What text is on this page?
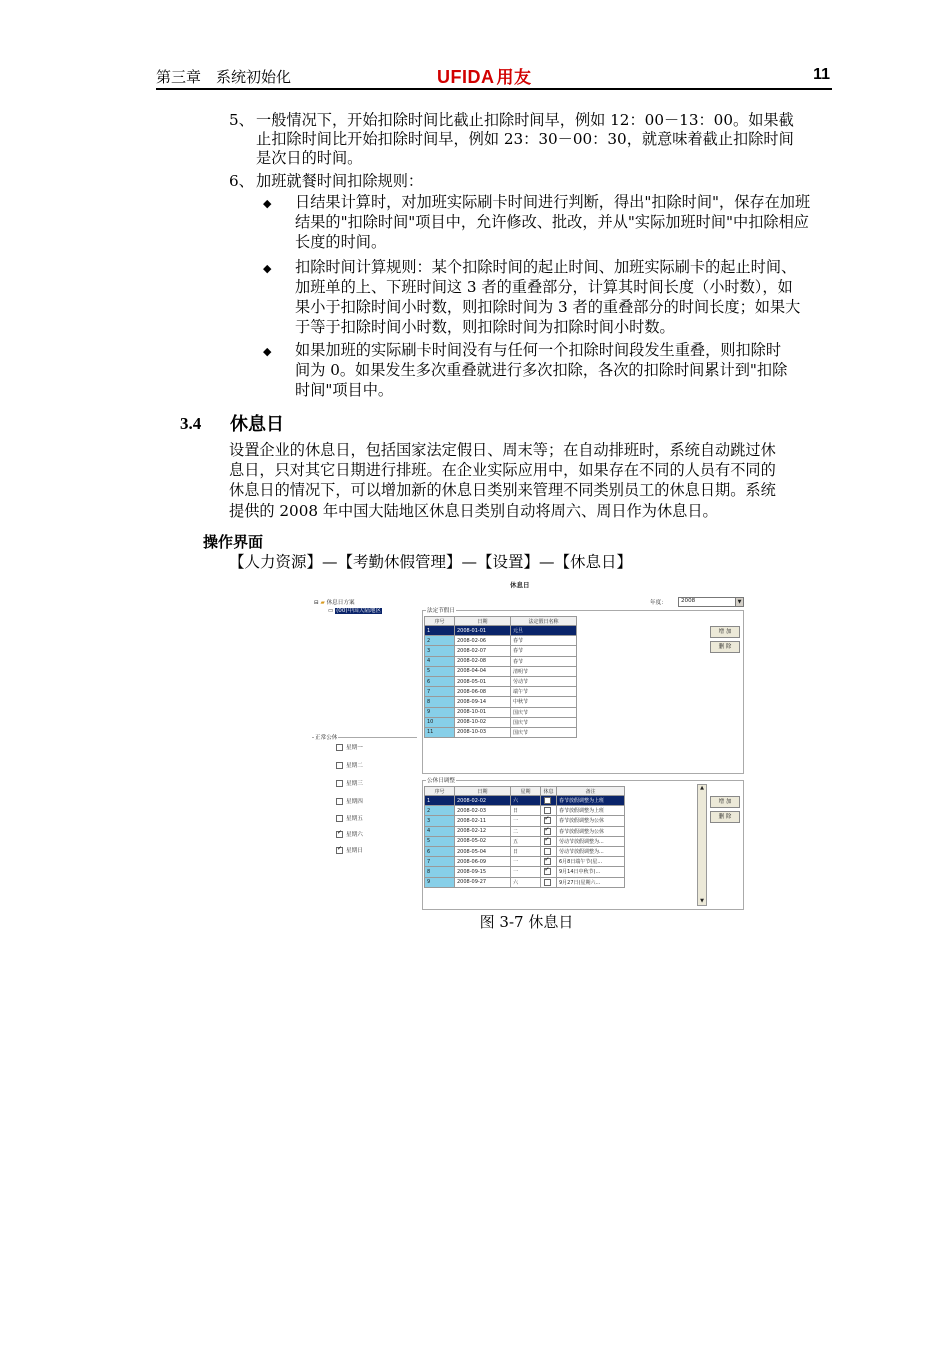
第三章　系统初始化	UFIDA 用友	11
5、 一般情况下，开始扣除时间比截止扣除时间早，例如 12：00－13：00。如果截
止扣除时间比开始扣除时间早，例如 23：30－00：30，就意味着截止扣除时间
是次日的时间。
6、 加班就餐时间扣除规则：
◆ 日结果计算时，对加班实际刷卡时间进行判断，得出"扣除时间"，保存在加班
结果的"扣除时间"项目中，允许修改、批改，并从"实际加班时间"中扣除相应
长度的时间。
◆ 扣除时间计算规则：某个扣除时间的起止时间、加班实际刷卡的起止时间、
加班单的上、下班时间这 3 者的重叠部分，计算其时间长度（小时数），如
果小于扣除时间小时数，则扣除时间为 3 者的重叠部分的时间长度；如果大
于等于扣除时间小时数，则扣除时间为扣除时间小时数。
◆ 如果加班的实际刷卡时间没有与任何一个扣除时间段发生重叠，则扣除时
间为 0。如果发生多次重叠就进行多次扣除，各次的扣除时间累计到"扣除
时间"项目中。
3.4 休息日
设置企业的休息日，包括国家法定假日、周末等；在自动排班时，系统自动跳过休
息日，只对其它日期进行排班。在企业实际应用中，如果存在不同的人员有不同的
休息日的情况下，可以增加新的休息日类别来管理不同类别员工的休息日期。系统
提供的 2008 年中国大陆地区休息日类别自动将周六、周日作为休息日。
操作界面
【人力资源】—【考勤休假管理】—【设置】—【休息日】
休息日
⊟ ▰ 休息日方案
▭ (00)中国大陆地区
年度：	2008	▼
法定节假日
序号	日期	法定假日名称
1	2008-01-01	元旦
2	2008-02-06	春节
3	2008-02-07	春节
4	2008-02-08	春节
5	2008-04-04	清明节
6	2008-05-01	劳动节
7	2008-06-08	端午节
8	2008-09-14	中秋节
9	2008-10-01	国庆节
10	2008-10-02	国庆节
11	2008-10-03	国庆节
增 加
删 除
正常公休
星期一
星期二
星期三
星期四
星期五
✓星期六
✓星期日
公休日调整
序号	日期	星期	休息	备注
1	2008-02-02	六		春节放假调整为上班
2	2008-02-03	日		春节放假调整为上班
3	2008-02-11	一	✓	春节放假调整为公休
4	2008-02-12	二	✓	春节放假调整为公休
5	2008-05-02	五	✓	劳动节放假调整为...
6	2008-05-04	日		劳动节放假调整为...
7	2008-06-09	一	✓	6月8日端午节(星...
8	2008-09-15	一	✓	9月14日中秋节(...
9	2008-09-27	六		9月27日(星期六...
▲
▼
增 加
删 除
图 3-7 休息日
